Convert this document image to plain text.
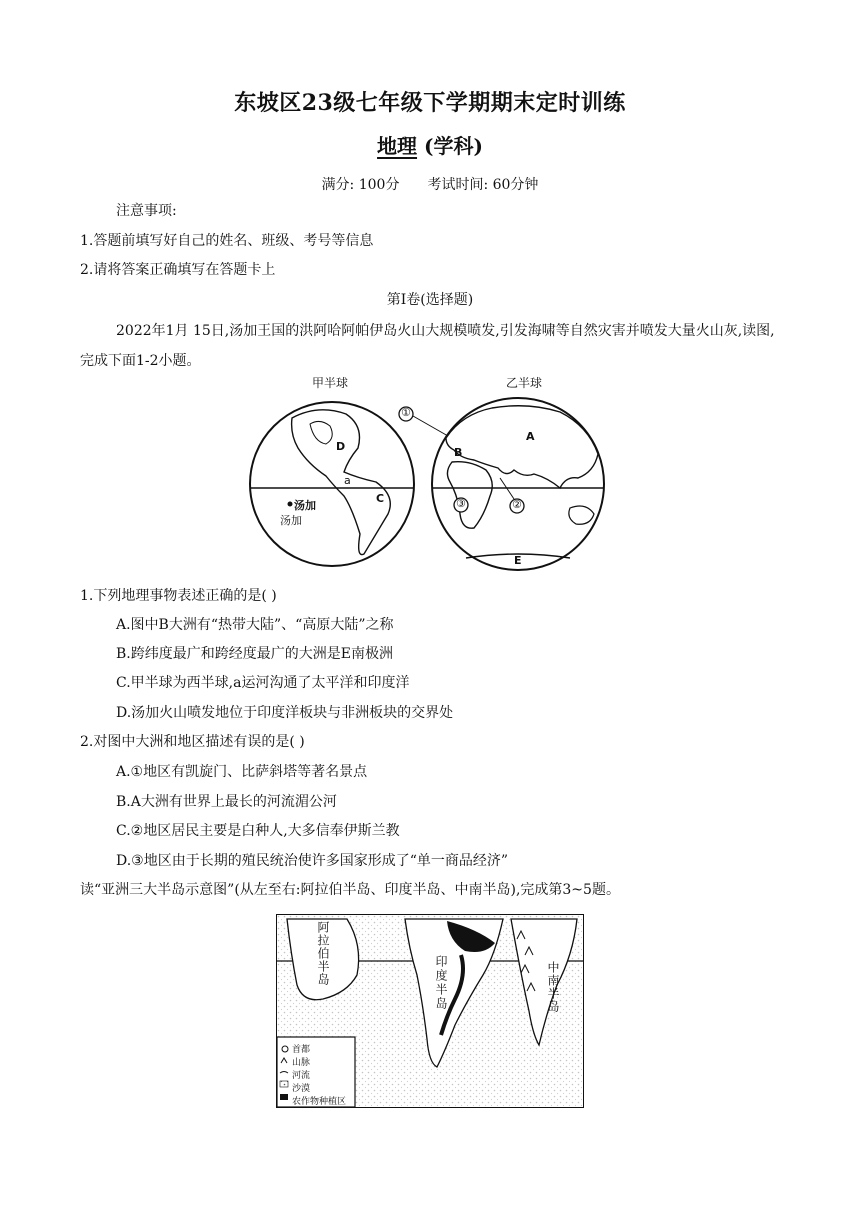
东坡区23级七年级下学期期末定时训练
地理 (学科)
满分: 100分 考试时间: 60分钟
注意事项:
1.答题前填写好自己的姓名、班级、考号等信息
2.请将答案正确填写在答题卡上
第I卷(选择题)
2022年1月 15日,汤加王国的洪阿哈阿帕伊岛火山大规模喷发,引发海啸等自然灾害并喷发大量火山灰,读图,完成下面1-2小题。
甲半球	乙半球
①
②
③
A
B
C
D
E
a
汤加
汤加
1.下列地理事物表述正确的是( )
A.图中B大洲有“热带大陆”、“高原大陆”之称
B.跨纬度最广和跨经度最广的大洲是E南极洲
C.甲半球为西半球,a运河沟通了太平洋和印度洋
D.汤加火山喷发地位于印度洋板块与非洲板块的交界处
2.对图中大洲和地区描述有误的是( )
A.①地区有凯旋门、比萨斜塔等著名景点
B.A大洲有世界上最长的河流湄公河
C.②地区居民主要是白种人,大多信奉伊斯兰教
D.③地区由于长期的殖民统治使许多国家形成了“单一商品经济”
读“亚洲三大半岛示意图”(从左至右:阿拉伯半岛、印度半岛、中南半岛),完成第3~5题。
阿拉伯半岛	印度半岛	中南半岛
首都
山脉
河流
沙漠
农作物种植区
